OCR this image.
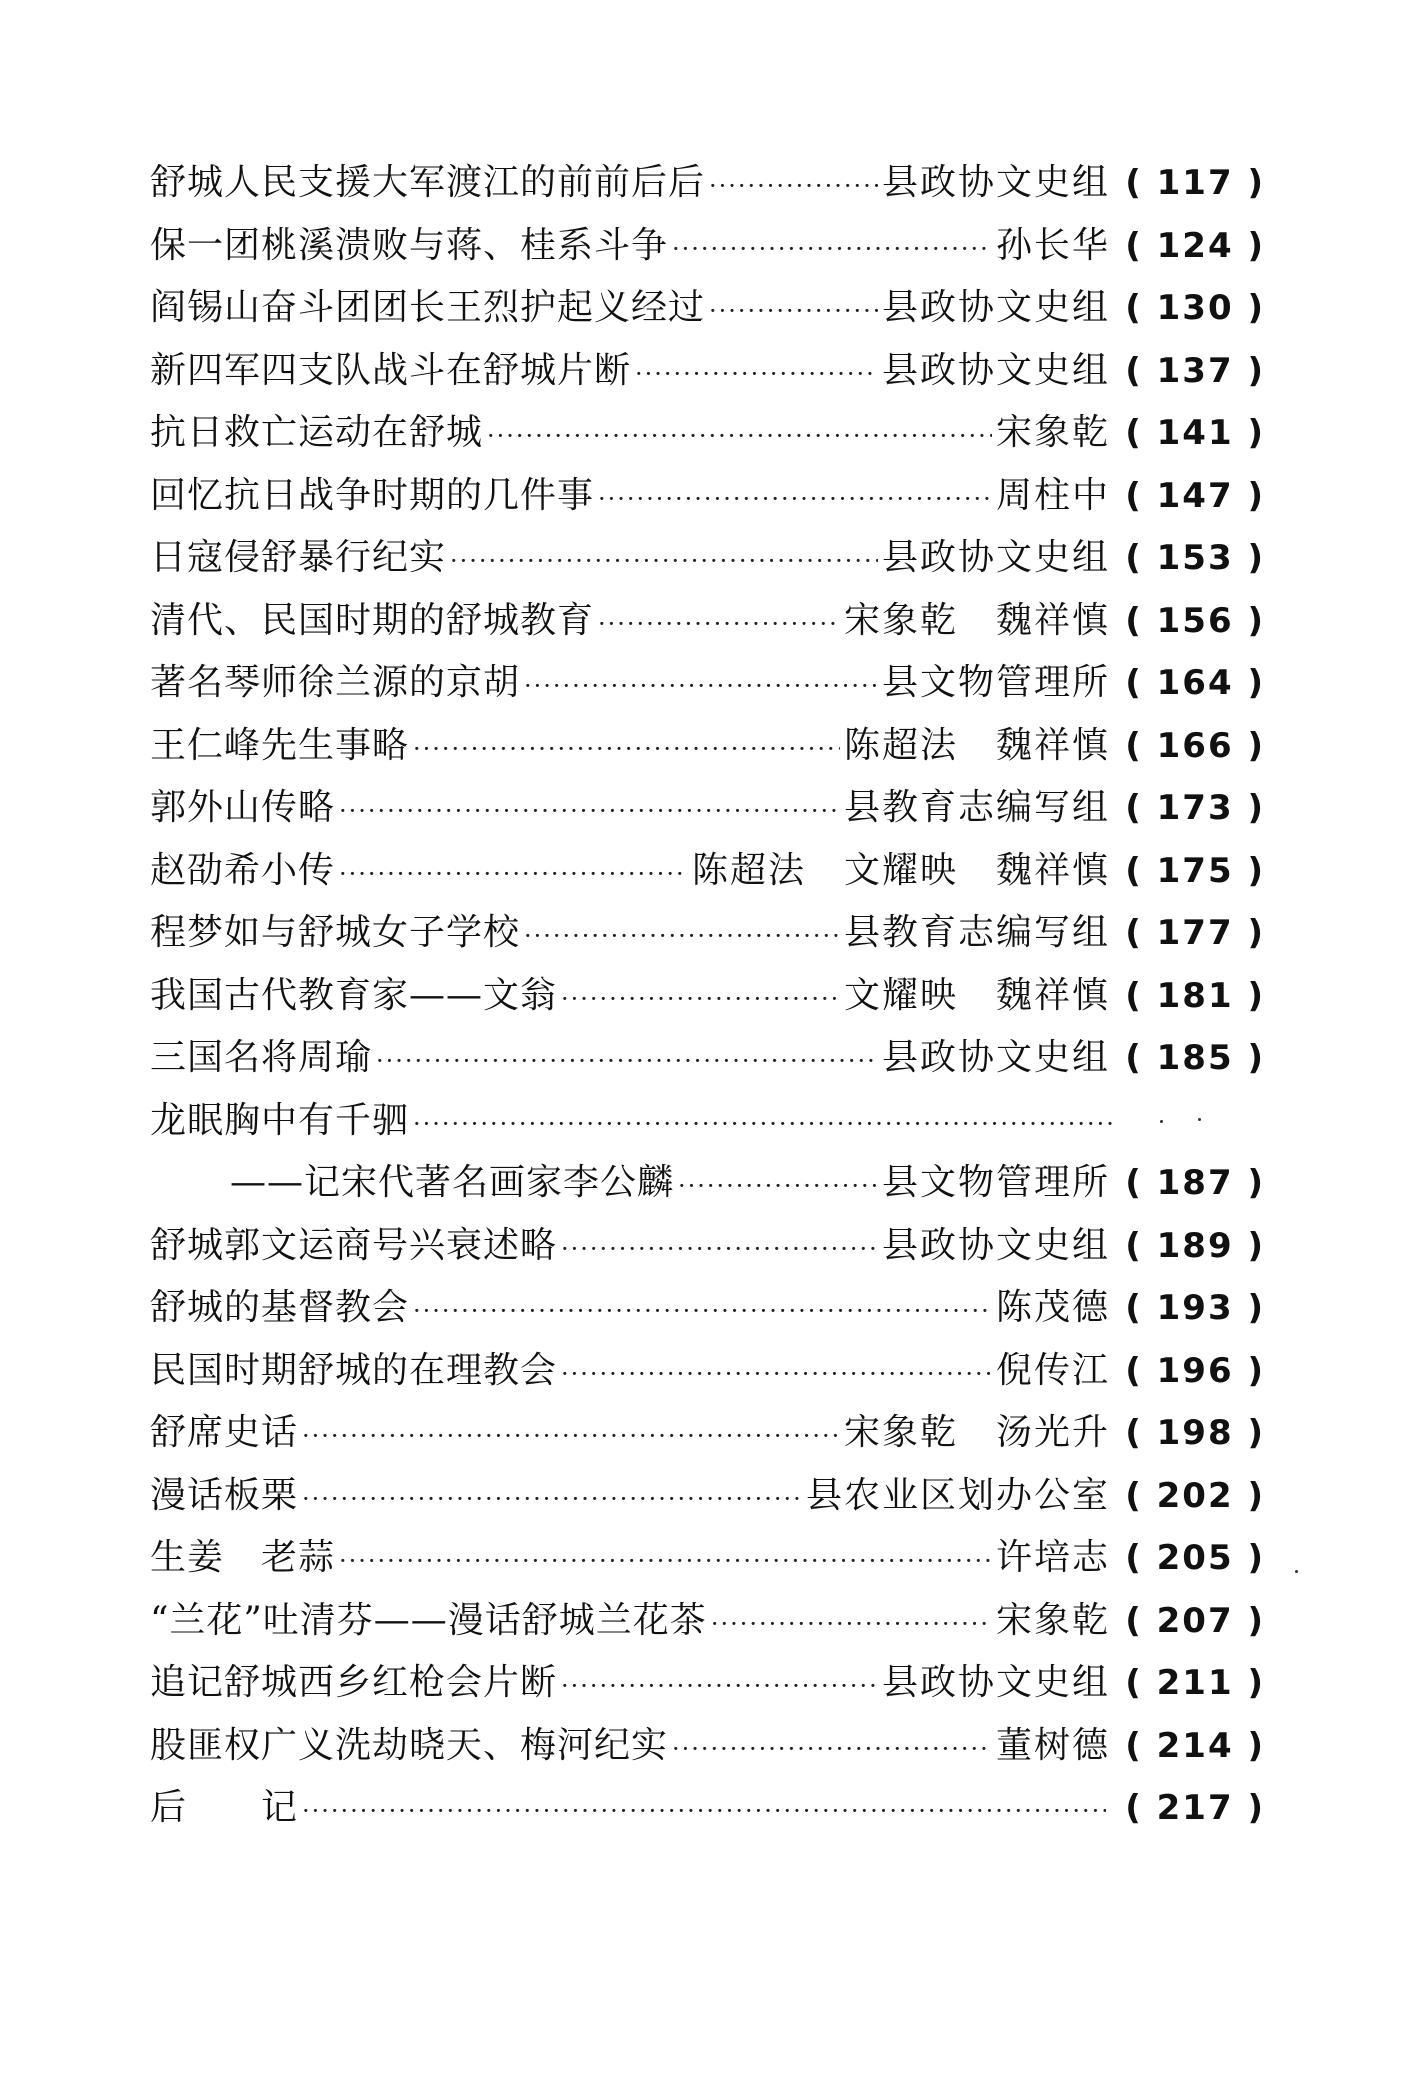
舒城人民支援大军渡江的前前后后 ·····	县政协文史组 ( 117 )
保一团桃溪溃败与蒋、桂系斗争 ·····	孙长华 ( 124 )
阎锡山奋斗团团长王烈护起义经过 ·····	县政协文史组 ( 130 )
新四军四支队战斗在舒城片断 ·····	县政协文史组 ( 137 )
抗日救亡运动在舒城 ·····	宋象乾 ( 141 )
回忆抗日战争时期的几件事 ·····	周柱中 ( 147 )
日寇侵舒暴行纪实 ·····	县政协文史组 ( 153 )
清代、民国时期的舒城教育 ·····	宋象乾　魏祥慎 ( 156 )
著名琴师徐兰源的京胡 ·····	县文物管理所 ( 164 )
王仁峰先生事略 ·····	陈超法　魏祥慎 ( 166 )
郭外山传略 ·····	县教育志编写组 ( 173 )
赵劭希小传 ·····	陈超法　文耀映　魏祥慎 ( 175 )
程梦如与舒城女子学校 ·····	县教育志编写组 ( 177 )
我国古代教育家——文翁 ·····	文耀映　魏祥慎 ( 181 )
三国名将周瑜 ·····	县政协文史组 ( 185 )
龙眠胸中有千驷
·····
——记宋代著名画家李公麟 ·····	县文物管理所 ( 187 )
舒城郭文运商号兴衰述略 ·····	县政协文史组 ( 189 )
舒城的基督教会 ·····	陈茂德 ( 193 )
民国时期舒城的在理教会 ·····	倪传江 ( 196 )
舒席史话 ·····	宋象乾　汤光升 ( 198 )
漫话板栗 ·····	县农业区划办公室 ( 202 )
生姜　老蒜 ·····	许培志 ( 205 )
“兰花”吐清芬——漫话舒城兰花茶 ·····	宋象乾 ( 207 )
追记舒城西乡红枪会片断 ·····	县政协文史组 ( 211 )
股匪权广义洗劫晓天、梅河纪实 ·····	董树德 ( 214 )
后　　记 ·····	( 217 )
